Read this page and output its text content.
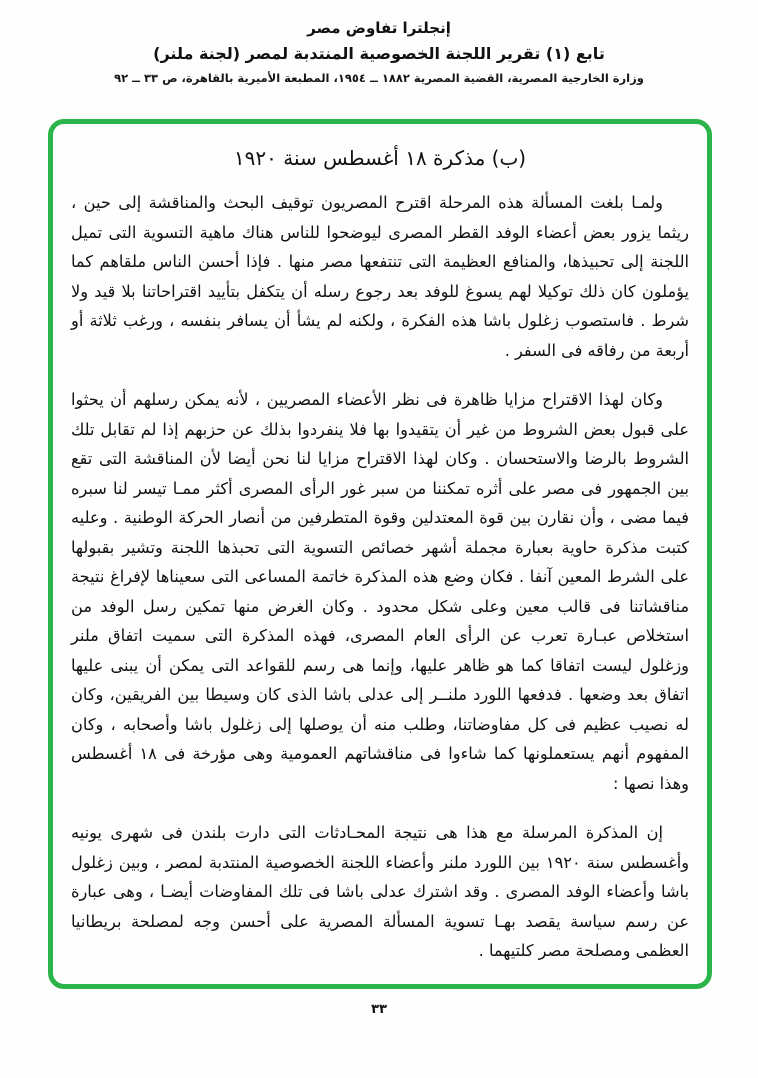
إنجلترا تفاوض مصر
تابع (١) تقرير اللجنة الخصوصية المنتدبة لمصر (لجنة ملنر)
وزارة الخارجية المصرية، القضية المصرية ١٨٨٢ ــ ١٩٥٤، المطبعة الأميرية بالقاهرة، ص ٣٣ ــ ٩٢
(ب) مذكرة ١٨ أغسطس سنة ١٩٢٠

ولمـا بلغت المسألة هذه المرحلة اقترح المصريون توقيف البحث والمناقشة إلى حين ، ريثما يزور بعض أعضاء الوفد القطر المصرى ليوضحوا للناس هناك ماهية التسوية التى تميل اللجنة إلى تحبيذها، والمنافع العظيمة التى تنتفعها مصر منها . فإذا أحسن الناس ملقاهم كما يؤملون كان ذلك توكيلا لهم يسوغ للوفد بعد رجوع رسله أن يتكفل بتأييد اقتراحاتنا بلا قيد ولا شرط . فاستصوب زغلول باشا هذه الفكرة ، ولكنه لم يشأ أن يسافر بنفسه ، ورغب ثلاثة أو أربعة من رفاقه فى السفر .

وكان لهذا الاقتراح مزايا ظاهرة فى نظر الأعضاء المصريين ، لأنه يمكن رسلهم أن يحثوا على قبول بعض الشروط من غير أن يتقيدوا بها فلا ينفردوا بذلك عن حزبهم إذا لم تقابل تلك الشروط بالرضا والاستحسان . وكان لهذا الاقتراح مزايا لنا نحن أيضا لأن المناقشة التى تقع بين الجمهور فى مصر على أثره تمكننا من سبر غور الرأى المصرى أكثر ممـا تيسر لنا سبره فيما مضى ، وأن نقارن بين قوة المعتدلين وقوة المتطرفين من أنصار الحركة الوطنية . وعليه كتبت مذكرة حاوية بعبارة مجملة أشهر خصائص التسوية التى تحبذها اللجنة وتشير بقبولها على الشرط المعين آنفا . فكان وضع هذه المذكرة خاتمة المساعى التى سعيناها لإفراغ نتيجة مناقشاتنا فى قالب معين وعلى شكل محدود . وكان الغرض منها تمكين رسل الوفد من استخلاص عبـارة تعرب عن الرأى العام المصرى، فهذه المذكرة التى سميت اتفاق ملنر وزغلول ليست اتفاقا كما هو ظاهر عليها، وإنما هى رسم للقواعد التى يمكن أن يبنى عليها اتفاق بعد وضعها . فدفعها اللورد ملنــر إلى عدلى باشا الذى كان وسيطا بين الفريقين، وكان له نصيب عظيم فى كل مفاوضاتنا، وطلب منه أن يوصلها إلى زغلول باشا وأصحابه ، وكان المفهوم أنهم يستعملونها كما شاءوا فى مناقشاتهم العمومية وهى مؤرخة فى ١٨ أغسطس وهذا نصها :

إن المذكرة المرسلة مع هذا هى نتيجة المحـادثات التى دارت بلندن فى شهرى يونيه وأغسطس سنة ١٩٢٠ بين اللورد ملنر وأعضاء اللجنة الخصوصية المنتدبة لمصر ، وبين زغلول باشا وأعضاء الوفد المصرى . وقد اشترك عدلى باشا فى تلك المفاوضات أيضـا ، وهى عبارة عن رسم سياسة يقصد بهـا تسوية المسألة المصرية على أحسن وجه لمصلحة بريطانيا العظمى ومصلحة مصر كلتيهما .

٣٣
